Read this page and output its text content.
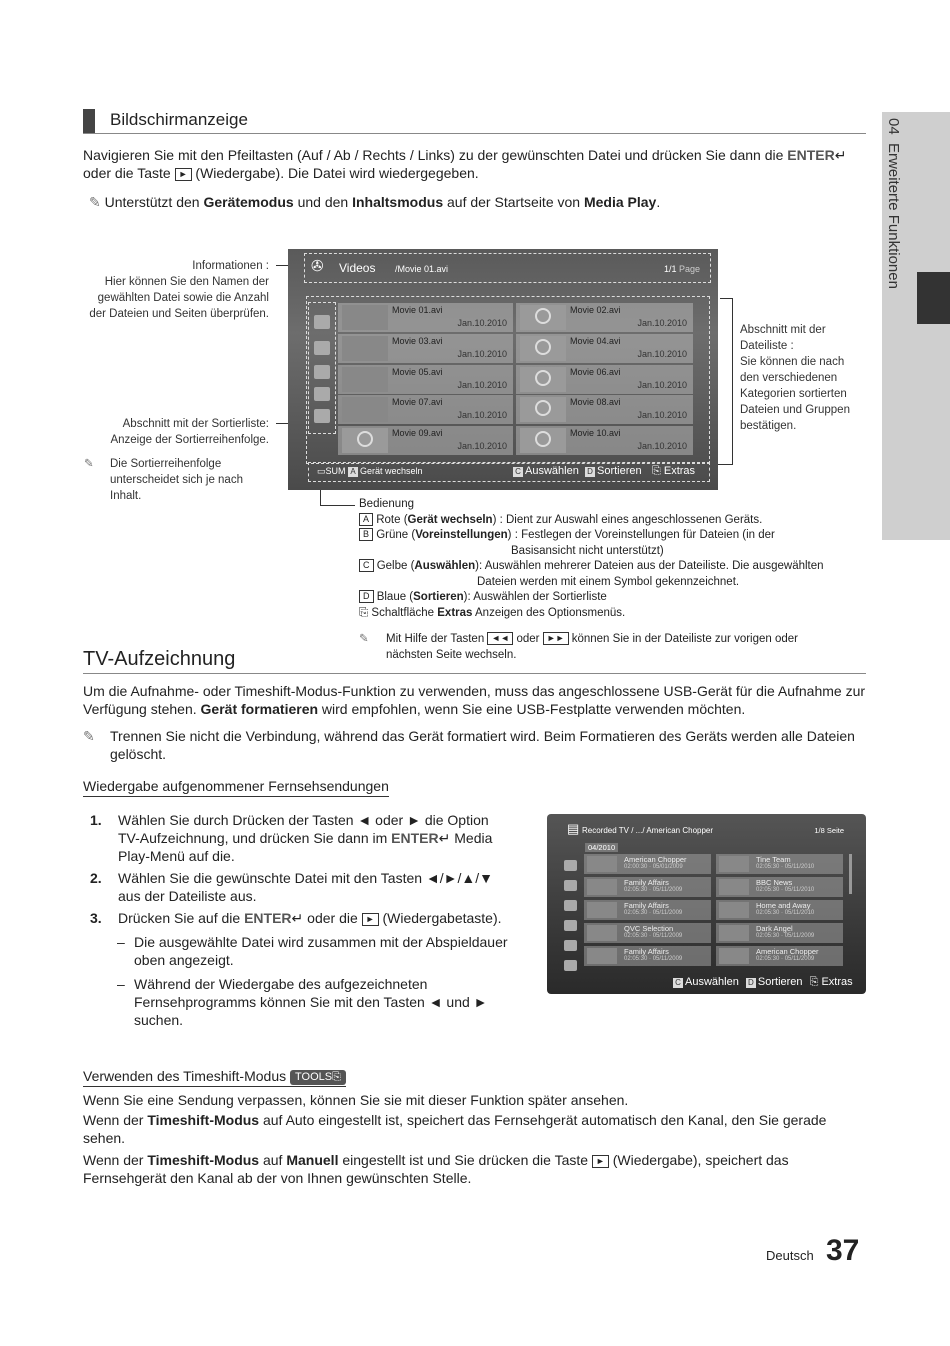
04  Erweiterte Funktionen
Bildschirmanzeige
Navigieren Sie mit den Pfeiltasten (Auf / Ab / Rechts / Links) zu der gewünschten Datei und drücken Sie dann die ENTER↵ oder die Taste ► (Wiedergabe). Die Datei wird wiedergegeben.
✎ Unterstützt den Gerätemodus und den Inhaltsmodus auf der Startseite von Media Play.
Informationen :
Hier können Sie den Namen der gewählten Datei sowie die Anzahl der Dateien und Seiten überprüfen.
Abschnitt mit der Sortierliste:
Anzeige der Sortierreihenfolge.
✎ Die Sortierreihenfolge unterscheidet sich je nach Inhalt.
Abschnitt mit der Dateiliste :
Sie können die nach den verschiedenen Kategorien sortierten Dateien und Gruppen bestätigen.
✇ Videos /Movie 01.avi	1/1 Page
Movie 01.avi
Jan.10.2010
Movie 02.avi
Jan.10.2010
Movie 03.avi
Jan.10.2010
Movie 04.avi
Jan.10.2010
Movie 05.avi
Jan.10.2010
Movie 06.avi
Jan.10.2010
Movie 07.avi
Jan.10.2010
Movie 08.avi
Jan.10.2010
Movie 09.avi
Jan.10.2010
Movie 10.avi
Jan.10.2010
▭SUM A Gerät wechseln	C Auswählen D Sortieren ⎘ Extras
Bedienung
A Rote (Gerät wechseln) : Dient zur Auswahl eines angeschlossenen Geräts.
B Grüne (Voreinstellungen) : Festlegen der Voreinstellungen für Dateien (in der
Basisansicht nicht unterstützt)
C Gelbe (Auswählen): Auswählen mehrerer Dateien aus der Dateiliste. Die ausgewählten
Dateien werden mit einem Symbol gekennzeichnet.
D Blaue (Sortieren): Auswählen der Sortierliste
⎘ Schaltfläche Extras Anzeigen des Optionsmenüs.
✎ Mit Hilfe der Tasten ◄◄ oder ►► können Sie in der Dateiliste zur vorigen oder
nächsten Seite wechseln.
TV-Aufzeichnung
Um die Aufnahme- oder Timeshift-Modus-Funktion zu verwenden, muss das angeschlossene USB-Gerät für die Aufnahme zur Verfügung stehen. Gerät formatieren wird empfohlen, wenn Sie eine USB-Festplatte verwenden möchten.
✎ Trennen Sie nicht die Verbindung, während das Gerät formatiert wird. Beim Formatieren des Geräts werden alle Dateien gelöscht.
Wiedergabe aufgenommener Fernsehsendungen
1. Wählen Sie durch Drücken der Tasten ◄ oder ► die Option TV-Aufzeichnung, und drücken Sie dann im ENTER↵ Media Play-Menü auf die.
2. Wählen Sie die gewünschte Datei mit den Tasten ◄/►/▲/▼ aus der Dateiliste aus.
3. Drücken Sie auf die ENTER↵ oder die ► (Wiedergabetaste).
– Die ausgewählte Datei wird zusammen mit der Abspieldauer oben angezeigt.
– Während der Wiedergabe des aufgezeichneten Fernsehprogramms können Sie mit den Tasten ◄ und ► suchen.
▤ Recorded TV / .../ American Chopper	1/8 Seite
04/2010
American Chopper
02:00:30 · 05/01/2009
Tine Team
02:05:30 · 05/11/2010
Family Affairs
02:05:30 · 05/11/2009
BBC News
02:05:30 · 05/11/2010
Family Affairs
02:05:30 · 05/11/2009
Home and Away
02:05:30 · 05/11/2010
QVC Selection
02:05:30 · 05/11/2009
Dark Angel
02:05:30 · 05/11/2009
Family Affairs
02:05:30 · 05/11/2009
American Chopper
02:05:30 · 05/11/2009
C Auswählen D Sortieren ⎘ Extras
Verwenden des Timeshift-Modus TOOLS⎘
Wenn Sie eine Sendung verpassen, können Sie sie mit dieser Funktion später ansehen.
Wenn der Timeshift-Modus auf Auto eingestellt ist, speichert das Fernsehgerät automatisch den Kanal, den Sie gerade sehen.
Wenn der Timeshift-Modus auf Manuell eingestellt ist und Sie drücken die Taste ► (Wiedergabe), speichert das Fernsehgerät den Kanal ab der von Ihnen gewünschten Stelle.
Deutsch 37
